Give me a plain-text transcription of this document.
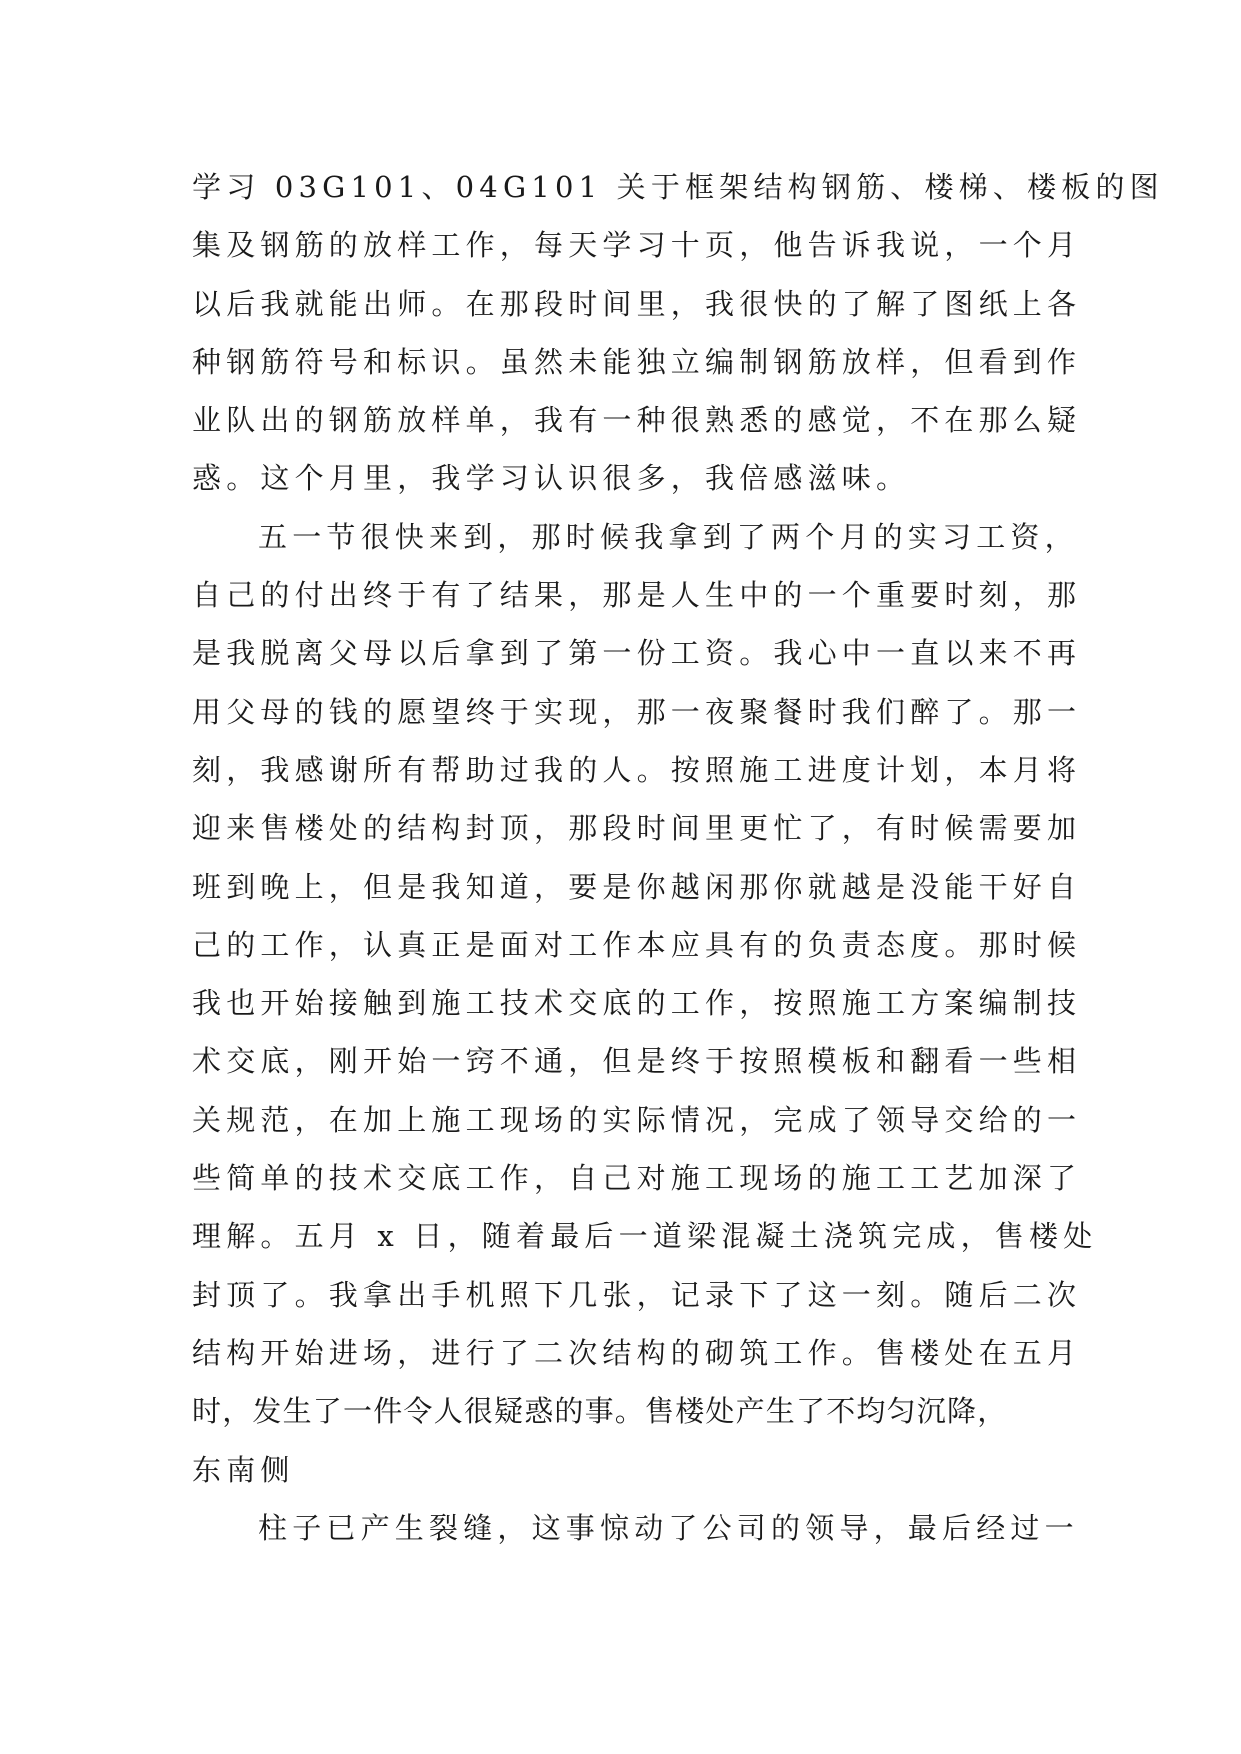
学习 03G101、04G101 关于框架结构钢筋、楼梯、楼板的图
集及钢筋的放样工作，每天学习十页，他告诉我说，一个月
以后我就能出师。在那段时间里，我很快的了解了图纸上各
种钢筋符号和标识。虽然未能独立编制钢筋放样，但看到作
业队出的钢筋放样单，我有一种很熟悉的感觉，不在那么疑
惑。这个月里，我学习认识很多，我倍感滋味。
五一节很快来到，那时候我拿到了两个月的实习工资，
自己的付出终于有了结果，那是人生中的一个重要时刻，那
是我脱离父母以后拿到了第一份工资。我心中一直以来不再
用父母的钱的愿望终于实现，那一夜聚餐时我们醉了。那一
刻，我感谢所有帮助过我的人。按照施工进度计划，本月将
迎来售楼处的结构封顶，那段时间里更忙了，有时候需要加
班到晚上，但是我知道，要是你越闲那你就越是没能干好自
己的工作，认真正是面对工作本应具有的负责态度。那时候
我也开始接触到施工技术交底的工作，按照施工方案编制技
术交底，刚开始一窍不通，但是终于按照模板和翻看一些相
关规范，在加上施工现场的实际情况，完成了领导交给的一
些简单的技术交底工作，自己对施工现场的施工工艺加深了
理解。五月 x 日，随着最后一道梁混凝土浇筑完成，售楼处
封顶了。我拿出手机照下几张，记录下了这一刻。随后二次
结构开始进场，进行了二次结构的砌筑工作。售楼处在五月
时，发生了一件令人很疑惑的事。售楼处产生了不均匀沉降，
东南侧
柱子已产生裂缝，这事惊动了公司的领导，最后经过一
